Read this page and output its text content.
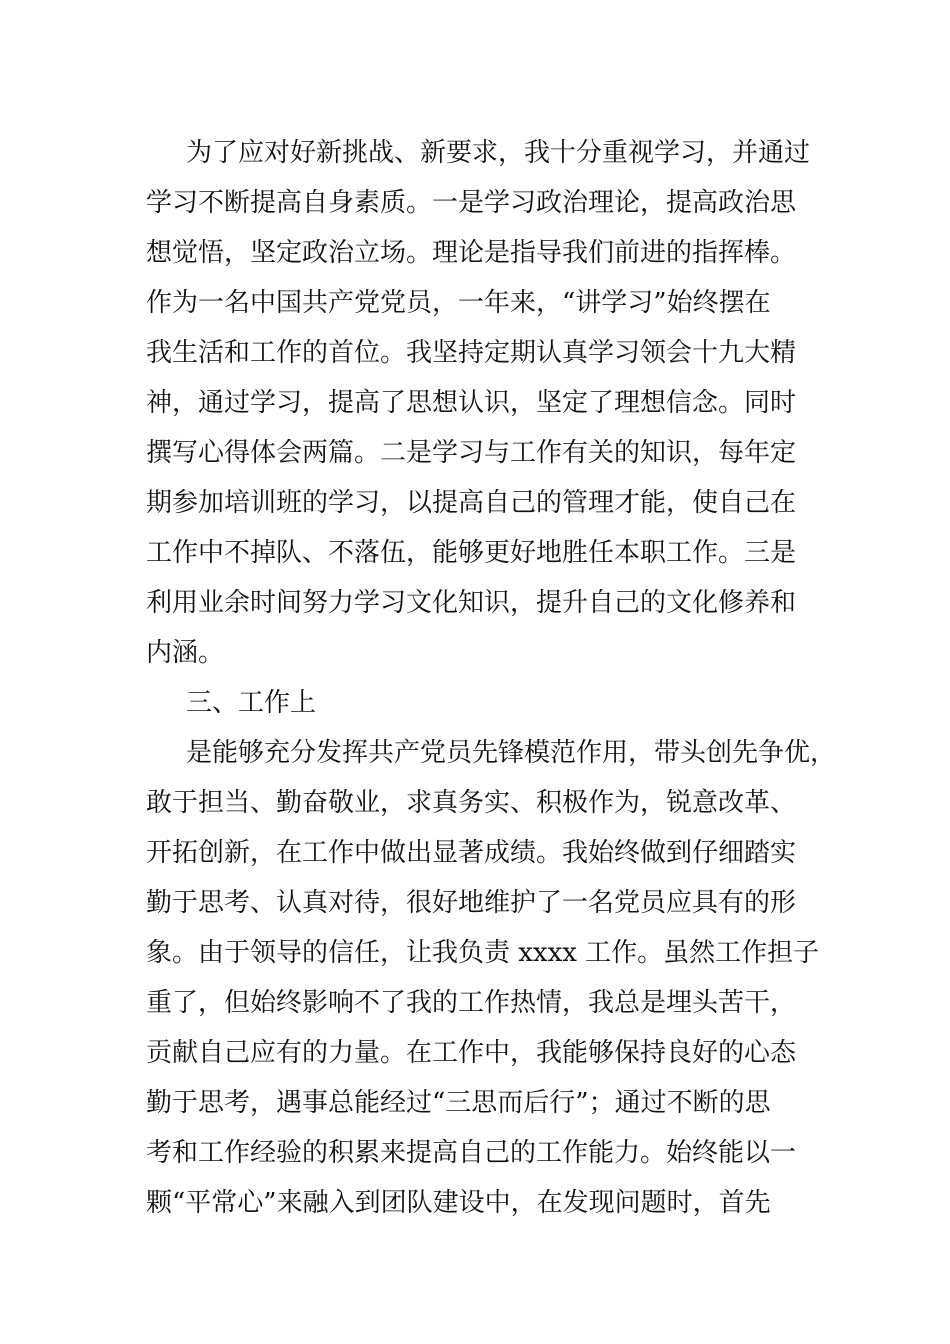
为了应对好新挑战、新要求，我十分重视学习，并通过
学习不断提高自身素质。一是学习政治理论，提高政治思
想觉悟，坚定政治立场。理论是指导我们前进的指挥棒。
作为一名中国共产党党员，一年来，“讲学习”始终摆在
我生活和工作的首位。我坚持定期认真学习领会十九大精
神，通过学习，提高了思想认识，坚定了理想信念。同时
撰写心得体会两篇。二是学习与工作有关的知识，每年定
期参加培训班的学习，以提高自己的管理才能，使自己在
工作中不掉队、不落伍，能够更好地胜任本职工作。三是
利用业余时间努力学习文化知识，提升自己的文化修养和
内涵。
三、工作上
是能够充分发挥共产党员先锋模范作用，带头创先争优，
敢于担当、勤奋敬业，求真务实、积极作为，锐意改革、
开拓创新，在工作中做出显著成绩。我始终做到仔细踏实
勤于思考、认真对待，很好地维护了一名党员应具有的形
象。由于领导的信任，让我负责 xxxx 工作。虽然工作担子
重了，但始终影响不了我的工作热情，我总是埋头苦干，
贡献自己应有的力量。在工作中，我能够保持良好的心态
勤于思考，遇事总能经过“三思而后行”；通过不断的思
考和工作经验的积累来提高自己的工作能力。始终能以一
颗“平常心”来融入到团队建设中，在发现问题时，首先
